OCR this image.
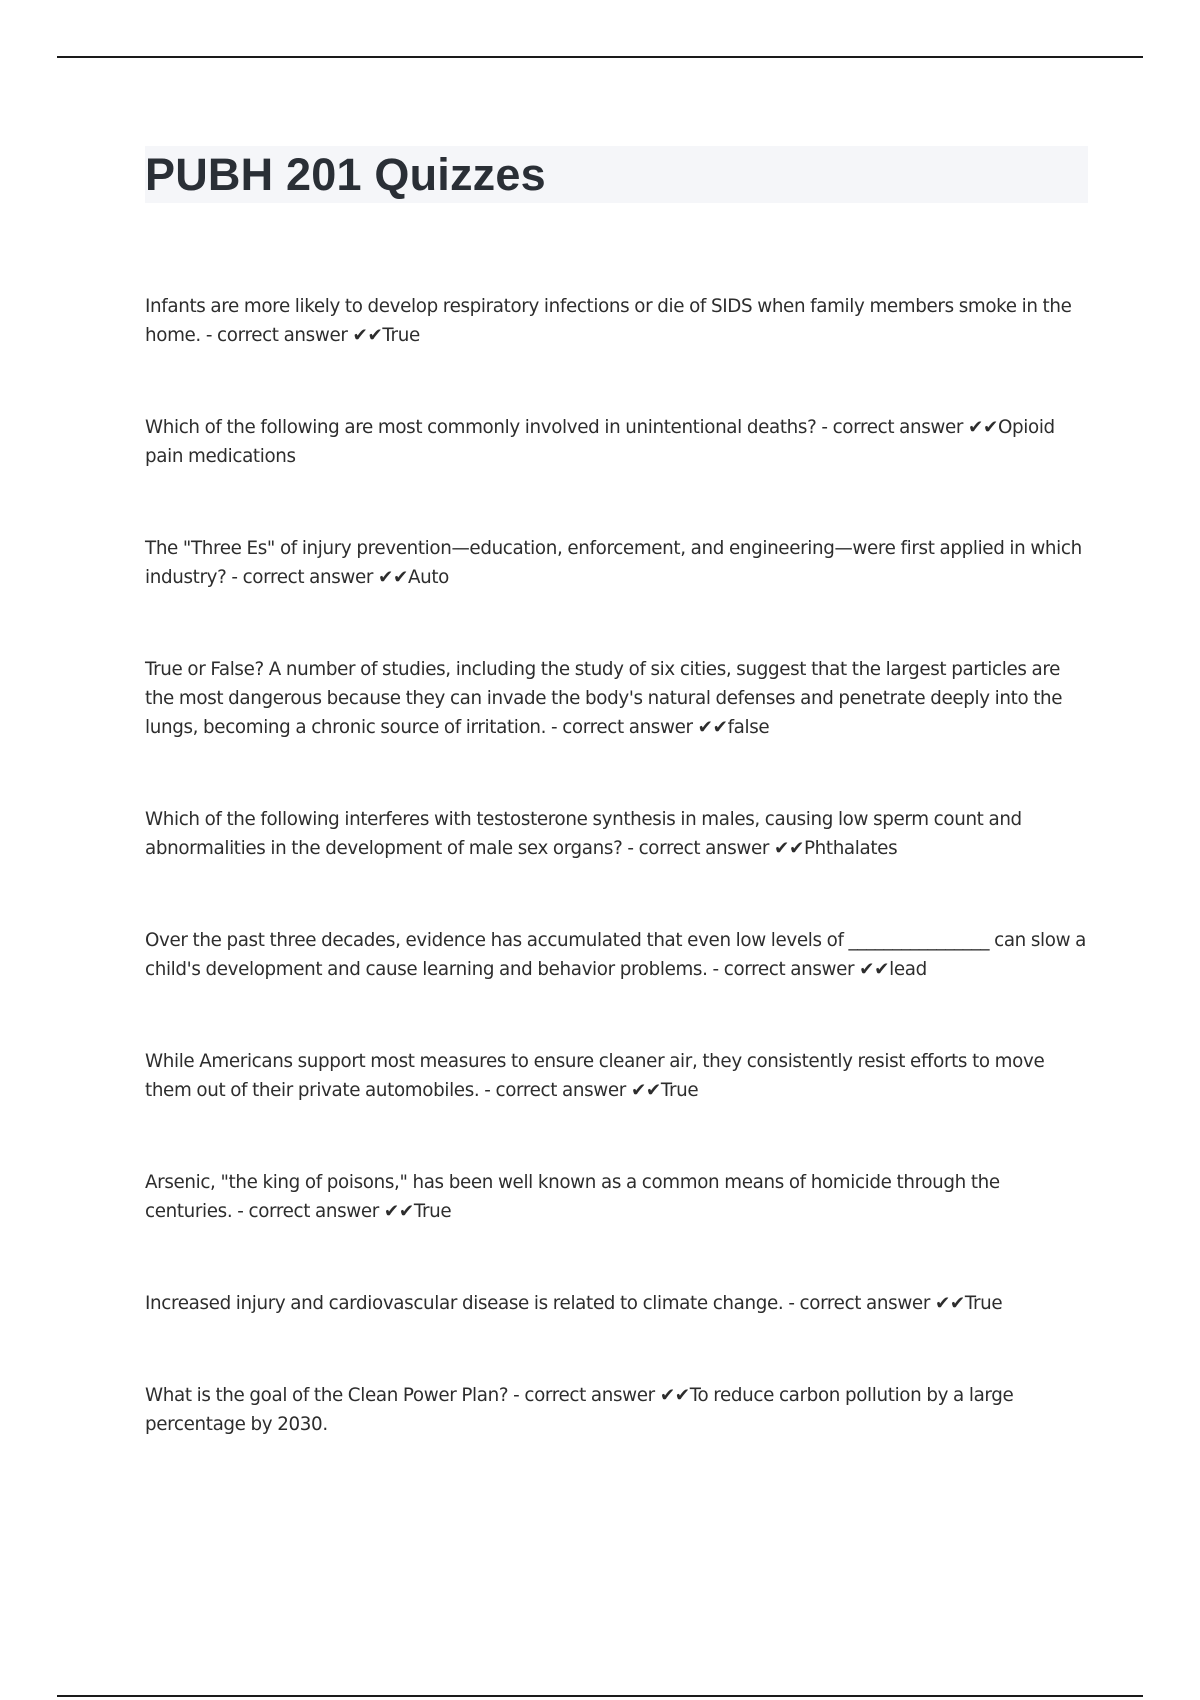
PUBH 201 Quizzes

Infants are more likely to develop respiratory infections or die of SIDS when family members smoke in the home. - correct answer ✔✔True

Which of the following are most commonly involved in unintentional deaths? - correct answer ✔✔Opioid pain medications

The "Three Es" of injury prevention—education, enforcement, and engineering—were first applied in which industry? - correct answer ✔✔Auto

True or False? A number of studies, including the study of six cities, suggest that the largest particles are the most dangerous because they can invade the body's natural defenses and penetrate deeply into the lungs, becoming a chronic source of irritation. - correct answer ✔✔false

Which of the following interferes with testosterone synthesis in males, causing low sperm count and abnormalities in the development of male sex organs? - correct answer ✔✔Phthalates

Over the past three decades, evidence has accumulated that even low levels of ________________ can slow a child's development and cause learning and behavior problems. - correct answer ✔✔lead

While Americans support most measures to ensure cleaner air, they consistently resist efforts to move them out of their private automobiles. - correct answer ✔✔True

Arsenic, "the king of poisons," has been well known as a common means of homicide through the centuries. - correct answer ✔✔True

Increased injury and cardiovascular disease is related to climate change. - correct answer ✔✔True

What is the goal of the Clean Power Plan? - correct answer ✔✔To reduce carbon pollution by a large percentage by 2030.
